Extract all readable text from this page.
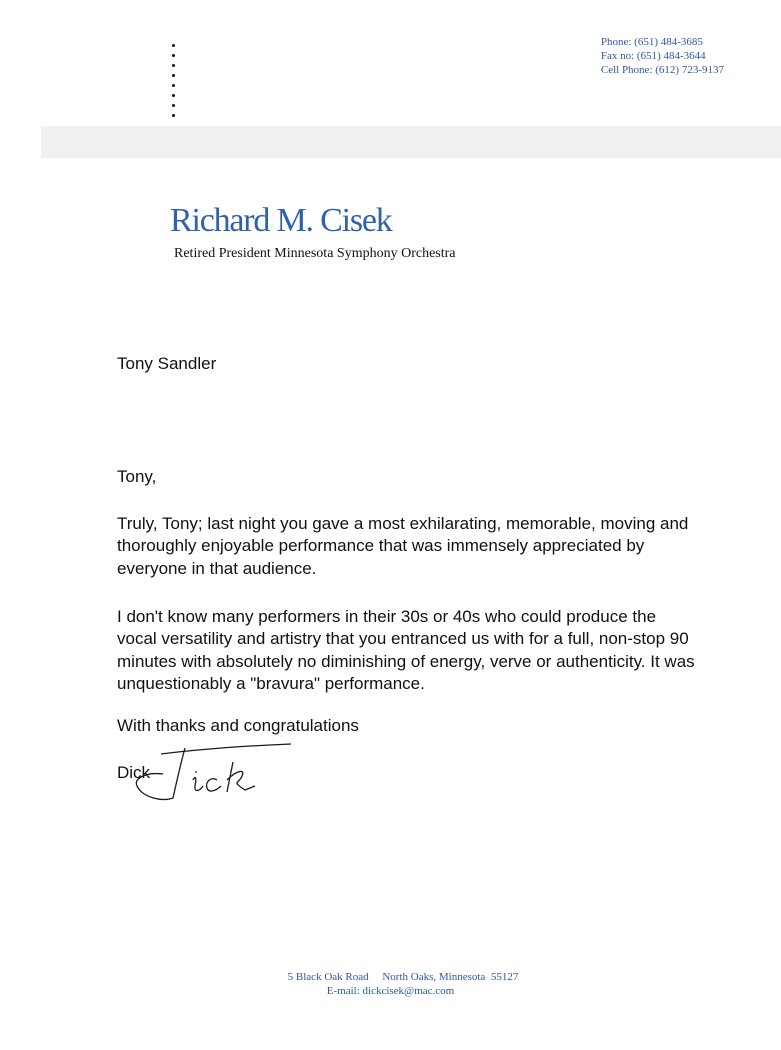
Phone: (651) 484-3685
Fax no: (651) 484-3644
Cell Phone: (612) 723-9137
Richard M. Cisek
Retired President Minnesota Symphony Orchestra
Tony Sandler
Tony,
Truly, Tony; last night you gave a most exhilarating, memorable, moving and thoroughly enjoyable performance that was immensely appreciated by everyone in that audience.
I don't know many performers in their 30s or 40s who could produce the vocal versatility and artistry that you entranced us with for a full, non-stop 90 minutes with absolutely no diminishing of energy, verve or authenticity. It was unquestionably a "bravura" performance.
With thanks and congratulations
Dick
5 Black Oak Road     North Oaks, Minnesota  55127
E-mail: dickcisek@mac.com
